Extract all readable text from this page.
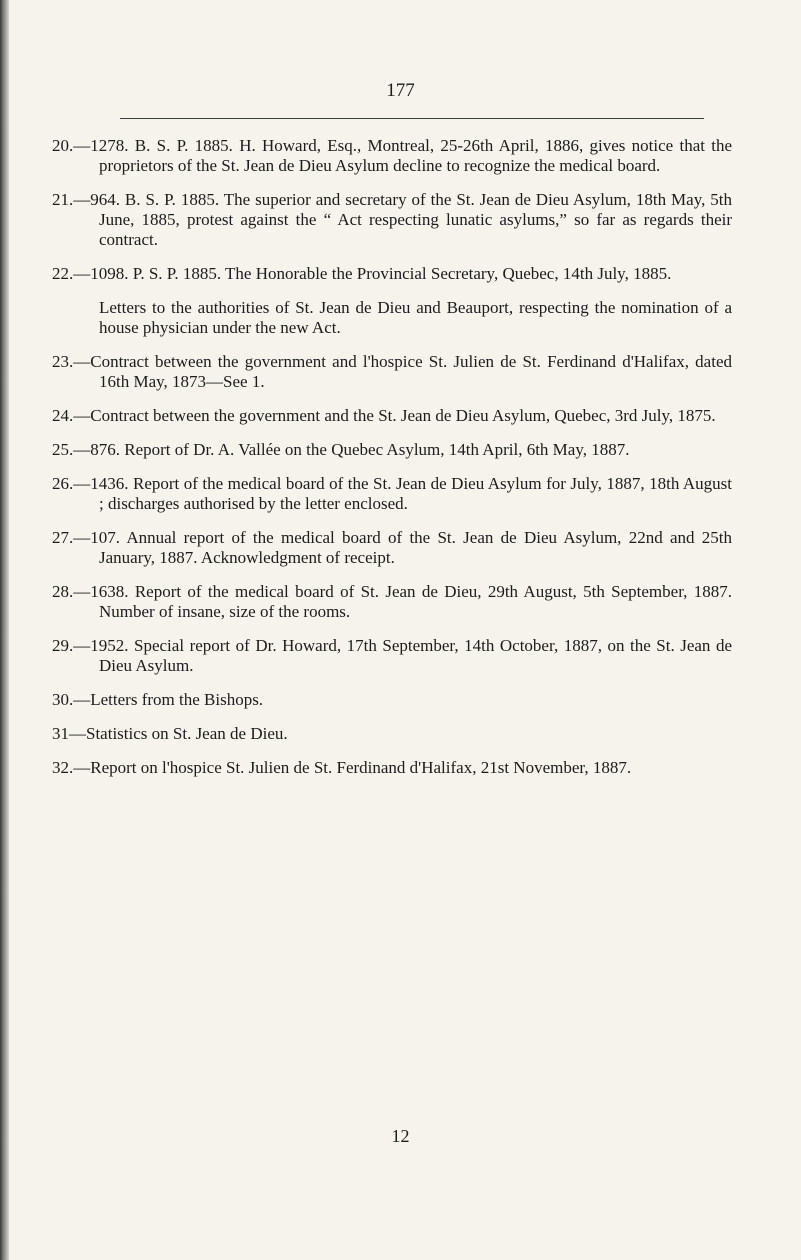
177

20.—1278. B. S. P. 1885. H. Howard, Esq., Montreal, 25-26th April, 1886, gives notice that the proprietors of the St. Jean de Dieu Asylum decline to recognize the medical board.

21.—964. B. S. P. 1885. The superior and secretary of the St. Jean de Dieu Asylum, 18th May, 5th June, 1885, protest against the “ Act respecting lunatic asylums,” so far as regards their contract.

22.—1098. P. S. P. 1885. The Honorable the Provincial Secretary, Quebec, 14th July, 1885.
Letters to the authorities of St. Jean de Dieu and Beauport, respecting the nomination of a house physician under the new Act.

23.—Contract between the government and l'hospice St. Julien de St. Ferdinand d'Halifax, dated 16th May, 1873—See 1.

24.—Contract between the government and the St. Jean de Dieu Asylum, Quebec, 3rd July, 1875.

25.—876. Report of Dr. A. Vallée on the Quebec Asylum, 14th April, 6th May, 1887.

26.—1436. Report of the medical board of the St. Jean de Dieu Asylum for July, 1887, 18th August ; discharges authorised by the letter enclosed.

27.—107. Annual report of the medical board of the St. Jean de Dieu Asylum, 22nd and 25th January, 1887. Acknowledgment of receipt.

28.—1638. Report of the medical board of St. Jean de Dieu, 29th August, 5th September, 1887. Number of insane, size of the rooms.

29.—1952. Special report of Dr. Howard, 17th September, 14th October, 1887, on the St. Jean de Dieu Asylum.

30.—Letters from the Bishops.

31—Statistics on St. Jean de Dieu.

32.—Report on l'hospice St. Julien de St. Ferdinand d'Halifax, 21st November, 1887.

12
